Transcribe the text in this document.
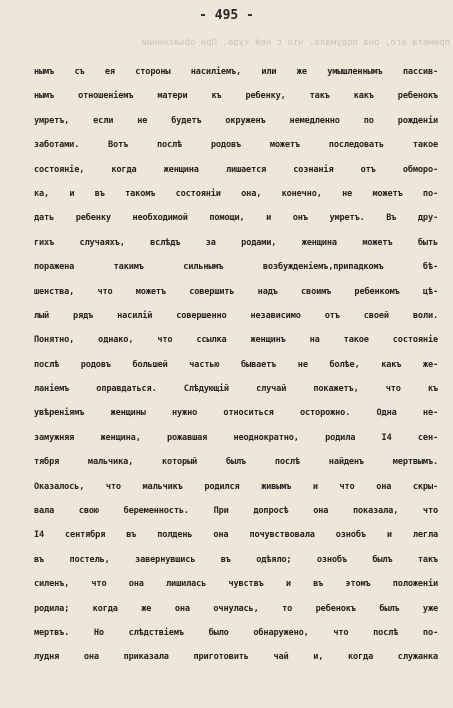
примета его, она подумала, что с ней худо. При объяснении
- 495 -
нымъ съ ея стороны насиліемъ, или же умышленнымъ пассив-
нымъ отношеніемъ матери къ ребенку, такъ какъ ребенокъ
умретъ, если не будетъ окруженъ немедленно по рожденіи
заботами. Вотъ послѣ родовъ можетъ последовать такое
состояніе, когда женщина лишается сознанія отъ обморо-
ка, и въ такомъ состояніи она, конечно, не можетъ по-
дать ребенку необходимой помощи, и онъ умретъ. Въ дру-
гихъ случаяхъ, вслѣдъ за родами, женщина можетъ быть
поражена такимъ сильнымъ возбужденіемъ,припадкомъ бѣ-
шенства, что можетъ совершить надъ своимъ ребенкомъ цѣ-
лый рядъ насилій совершенно независимо отъ своей воли.
Понятно, однако, что ссылка женщинъ на такое состояніе
послѣ родовъ большей частью бываетъ не болѣе, какъ же-
ланіемъ оправдаться. Слѣдующій случай покажетъ, что къ
увѣреніямъ женщины нужно относиться осторожно. Одна не-
замужняя женщина, рожавшая неоднократно, родила I4 сен-
тября мальчика, который былъ послѣ найденъ мертвымъ.
Оказалось, что мальчикъ родился живымъ и что она скры-
вала свою беременность. При допросѣ она показала, что
I4 сентября въ полдень она почувствовала ознобъ и легла
въ постель, завернувшись въ одѣяло; ознобъ былъ такъ
силенъ, что она лишилась чувствъ и въ этомъ положеніи
родила; когда же она очнулась, то ребенокъ былъ уже
мертвъ. Но слѣдствіемъ было обнаружено, что послѣ по-
лудня она приказала приготовить чай и, когда служанка
